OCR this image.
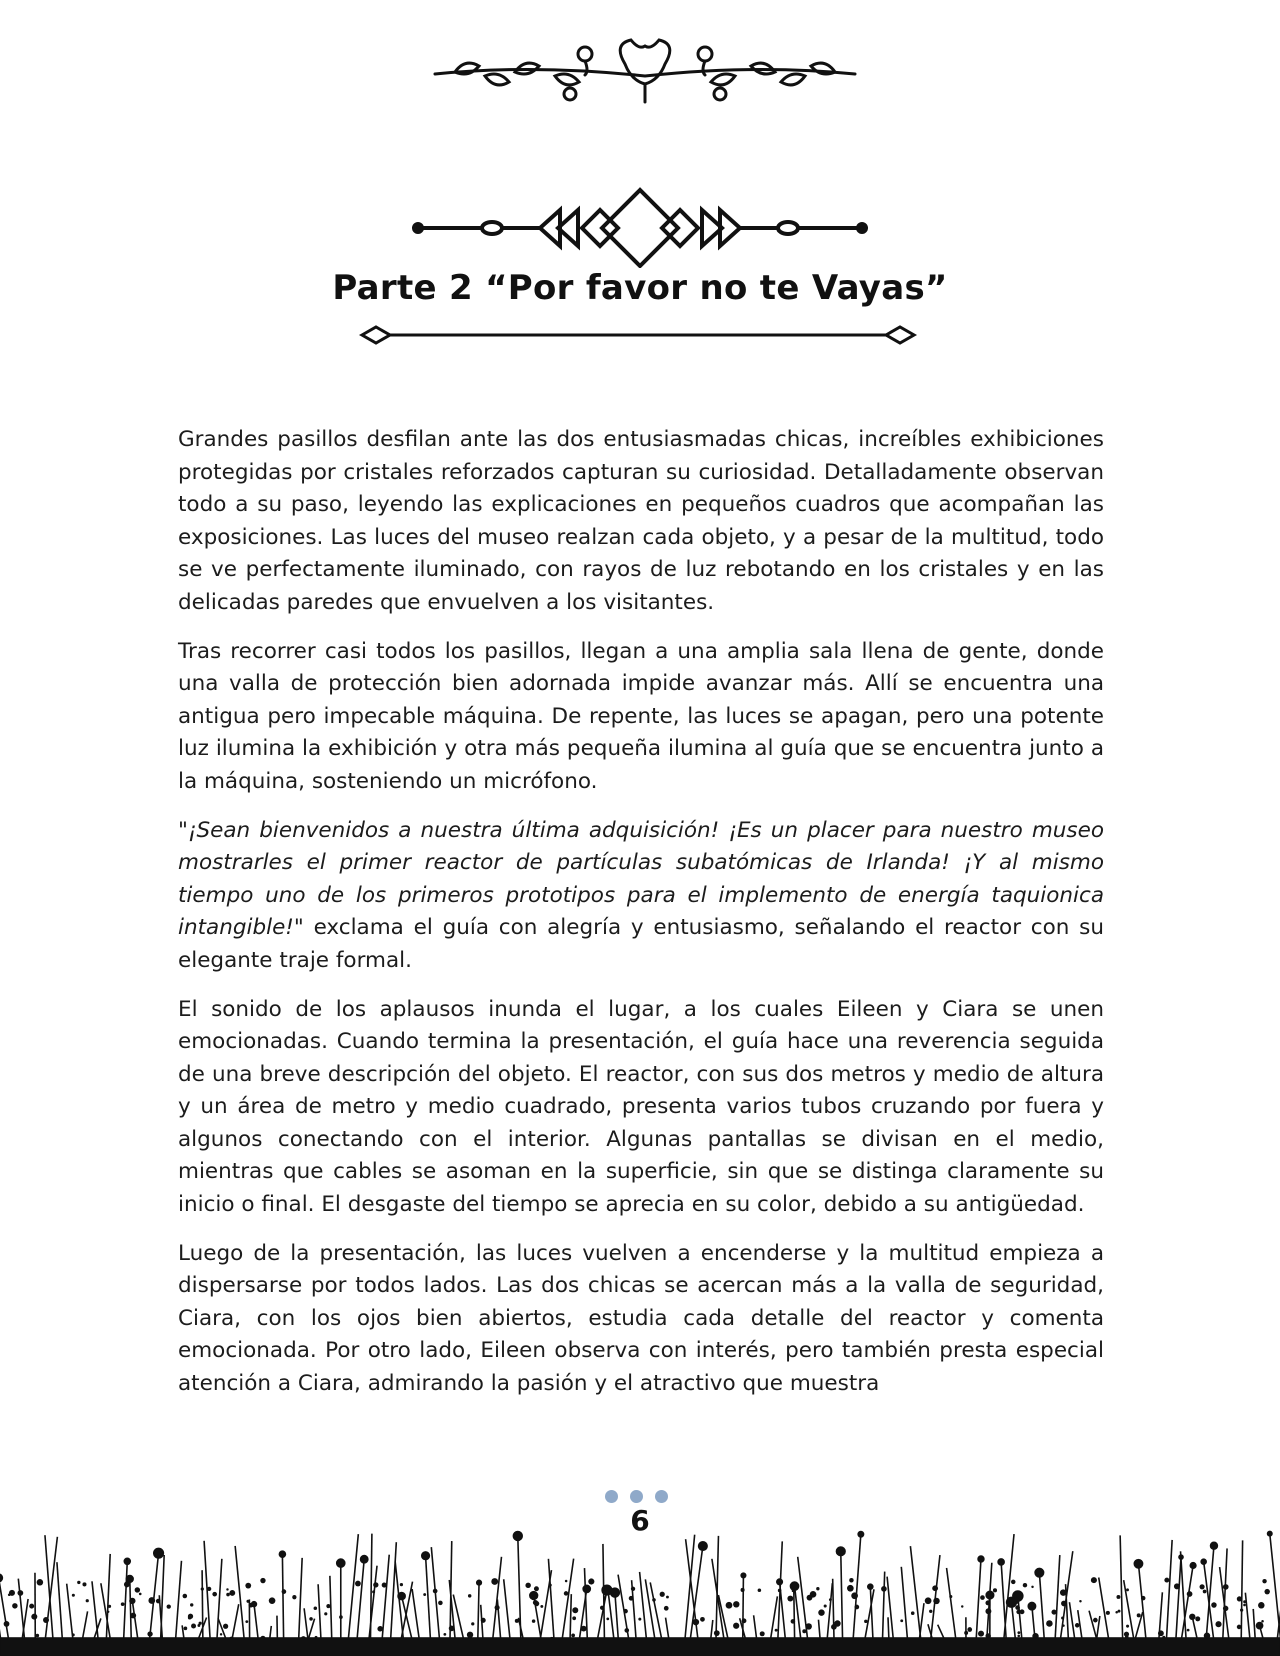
Parte 2 “Por favor no te Vayas”

Grandes pasillos desfilan ante las dos entusiasmadas chicas, increíbles exhibiciones protegidas por cristales reforzados capturan su curiosidad. Detalladamente observan todo a su paso, leyendo las explicaciones en pequeños cuadros que acompañan las exposiciones. Las luces del museo realzan cada objeto, y a pesar de la multitud, todo se ve perfectamente iluminado, con rayos de luz rebotando en los cristales y en las delicadas paredes que envuelven a los visitantes.

Tras recorrer casi todos los pasillos, llegan a una amplia sala llena de gente, donde una valla de protección bien adornada impide avanzar más. Allí se encuentra una antigua pero impecable máquina. De repente, las luces se apagan, pero una potente luz ilumina la exhibición y otra más pequeña ilumina al guía que se encuentra junto a la máquina, sosteniendo un micrófono.

"¡Sean bienvenidos a nuestra última adquisición! ¡Es un placer para nuestro museo mostrarles el primer reactor de partículas subatómicas de Irlanda! ¡Y al mismo tiempo uno de los primeros prototipos para el implemento de energía taquionica intangible!" exclama el guía con alegría y entusiasmo, señalando el reactor con su elegante traje formal.

El sonido de los aplausos inunda el lugar, a los cuales Eileen y Ciara se unen emocionadas. Cuando termina la presentación, el guía hace una reverencia seguida de una breve descripción del objeto. El reactor, con sus dos metros y medio de altura y un área de metro y medio cuadrado, presenta varios tubos cruzando por fuera y algunos conectando con el interior. Algunas pantallas se divisan en el medio, mientras que cables se asoman en la superficie, sin que se distinga claramente su inicio o final. El desgaste del tiempo se aprecia en su color, debido a su antigüedad.

Luego de la presentación, las luces vuelven a encenderse y la multitud empieza a dispersarse por todos lados. Las dos chicas se acercan más a la valla de seguridad, Ciara, con los ojos bien abiertos, estudia cada detalle del reactor y comenta emocionada. Por otro lado, Eileen observa con interés, pero también presta especial atención a Ciara, admirando la pasión y el atractivo que muestra

6
